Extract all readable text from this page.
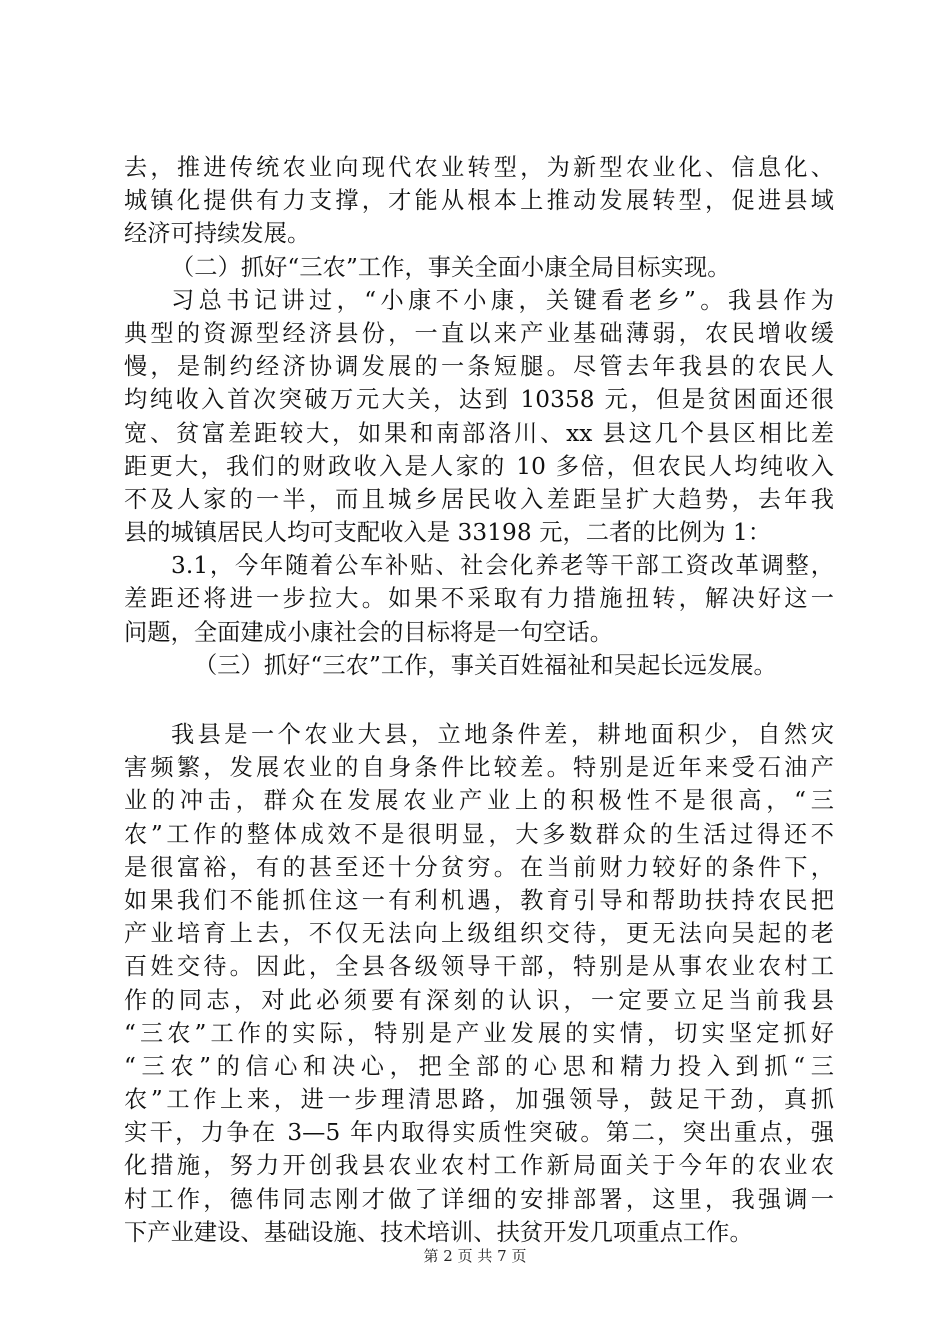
去，推进传统农业向现代农业转型，为新型农业化、信息化、
城镇化提供有力支撑，才能从根本上推动发展转型，促进县域
经济可持续发展。
（二）抓好“三农”工作，事关全面小康全局目标实现。
习总书记讲过，“小康不小康，关键看老乡”。我县作为
典型的资源型经济县份，一直以来产业基础薄弱，农民增收缓
慢，是制约经济协调发展的一条短腿。尽管去年我县的农民人
均纯收入首次突破万元大关，达到 10358 元，但是贫困面还很
宽、贫富差距较大，如果和南部洛川、xx 县这几个县区相比差
距更大，我们的财政收入是人家的 10 多倍，但农民人均纯收入
不及人家的一半，而且城乡居民收入差距呈扩大趋势，去年我
县的城镇居民人均可支配收入是 33198 元，二者的比例为 1：
3.1，今年随着公车补贴、社会化养老等干部工资改革调整，
差距还将进一步拉大。如果不采取有力措施扭转，解决好这一
问题，全面建成小康社会的目标将是一句空话。
（三）抓好“三农”工作，事关百姓福祉和吴起长远发展。
我县是一个农业大县，立地条件差，耕地面积少，自然灾
害频繁，发展农业的自身条件比较差。特别是近年来受石油产
业的冲击，群众在发展农业产业上的积极性不是很高，“三
农”工作的整体成效不是很明显，大多数群众的生活过得还不
是很富裕，有的甚至还十分贫穷。在当前财力较好的条件下，
如果我们不能抓住这一有利机遇，教育引导和帮助扶持农民把
产业培育上去，不仅无法向上级组织交待，更无法向吴起的老
百姓交待。因此，全县各级领导干部，特别是从事农业农村工
作的同志，对此必须要有深刻的认识，一定要立足当前我县
“三农”工作的实际，特别是产业发展的实情，切实坚定抓好
“三农”的信心和决心，把全部的心思和精力投入到抓“三
农”工作上来，进一步理清思路，加强领导，鼓足干劲，真抓
实干，力争在 3—5 年内取得实质性突破。第二，突出重点，强
化措施，努力开创我县农业农村工作新局面关于今年的农业农
村工作，德伟同志刚才做了详细的安排部署，这里，我强调一
下产业建设、基础设施、技术培训、扶贫开发几项重点工作。
第 2 页 共 7 页
